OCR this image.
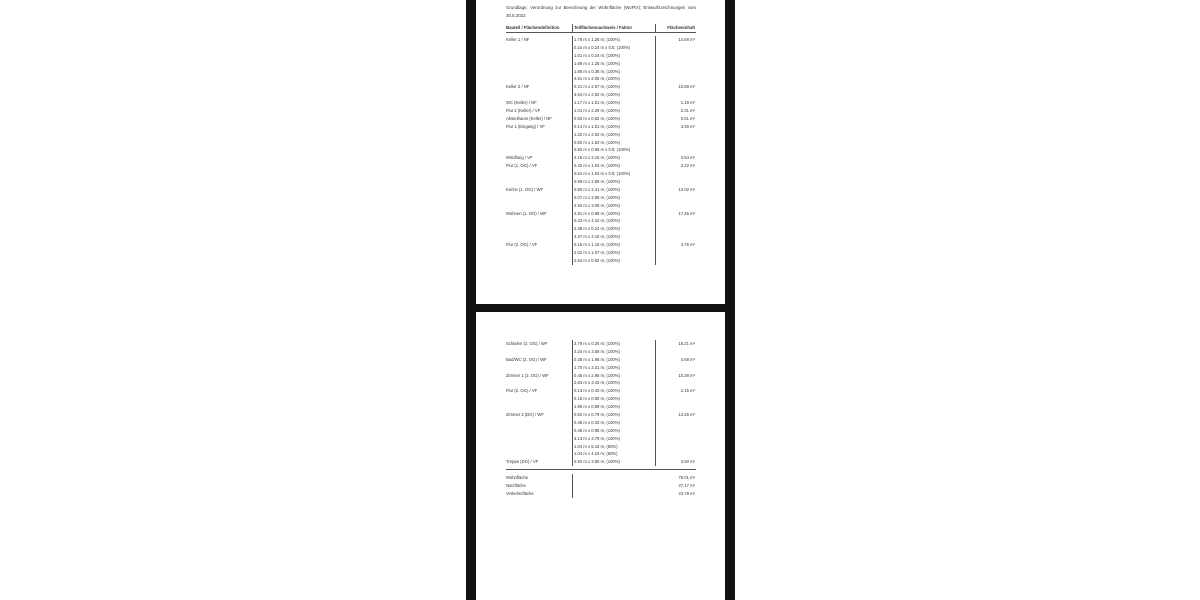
Grundlage: Verordnung zur Berechnung der Wohnfläche (WoFlV); Entwurfszeichnungen vom 30.5.2022
Bauteil / Flächendefinition	Teilflächennachweis / Faktor	Flächeninhalt
Keller 1 / NF	1.76 m x 1.26 m; (100%)	14.68 m²
0.24 m x 0.24 m x 0.5; (100%)
1.01 m x 0.24 m; (100%)
1.69 m x 1.25 m; (100%)
1.68 m x 0.36 m; (100%)
4.61 m x 2.05 m; (100%)
Keller 2 / NF	0.21 m x 2.57 m; (100%)	10.88 m²
3.54 m x 2.92 m; (100%)
WC (Keller) / NF	1.17 m x 1.01 m; (100%)	1.18 m²
Flur 2 (Keller) / VF	1.01 m x 2.29 m; (100%)	2.31 m²
Abstellraum (Keller) / NF	0.63 m x 0.82 m; (100%)	0.51 m²
Flur 1 (Eingang) / VF	0.14 m x 1.01 m; (100%)	4.30 m²
1.32 m x 2.02 m; (100%)
0.82 m x 1.54 m; (100%)
0.82 m x 0.56 m x 0.5; (100%)
Windfang / VF	2.16 m x 2.10 m; (100%)	3.54 m²
Flur (1. OG) / VF	0.32 m x 1.03 m; (100%)	3.22 m²
0.64 m x 1.03 m x 0.5; (100%)
0.99 m x 2.59 m; (100%)
Küche (1. OG) / WF	0.80 m x 2.41 m; (100%)	13.02 m²
0.07 m x 2.96 m; (100%)
2.94 m x 3.09 m; (100%)
Wohnen (1. OG) / WF	2.91 m x 0.68 m; (100%)	17.45 m²
0.33 m x 4.22 m; (100%)
2.38 m x 0.24 m; (100%)
4.37 m x 3.10 m; (100%)
Flur (2. OG) / VF	0.15 m x 1.15 m; (100%)	4.76 m²
2.02 m x 1.07 m; (100%)
2.64 m x 0.92 m; (100%)
Schlafen (2. OG) / WF	3.79 m x 0.26 m; (100%)	16.21 m²
4.24 m x 3.59 m; (100%)
Bad/WC (2. OG) / WF	0.38 m x 1.96 m; (100%)	4.68 m²
1.70 m x 2.31 m; (100%)
Zimmer 1 (2. OG) / WF	0.45 m x 2.96 m; (100%)	10.38 m²
2.63 m x 3.43 m; (100%)
Flur (2. OG) / VF	0.13 m x 0.43 m; (100%)	2.15 m²
0.18 m x 0.80 m; (100%)
1.96 m x 0.89 m; (100%)
Zimmer 2 (DG) / WF	0.92 m x 0.79 m; (100%)	14.26 m²
0.45 m x 0.33 m; (100%)
0.45 m x 0.95 m; (100%)
3.13 m x 3.79 m; (100%)
1.04 m x 5.16 m; (50%)
1.04 m x 4.24 m; (50%)
Treppe (DG) / VF	0.92 m x 3.80 m; (100%)	3.50 m²
Wohnfläche	76.01 m²
Nutzfläche	27.17 m²
Verkehrsfläche	23.78 m²
